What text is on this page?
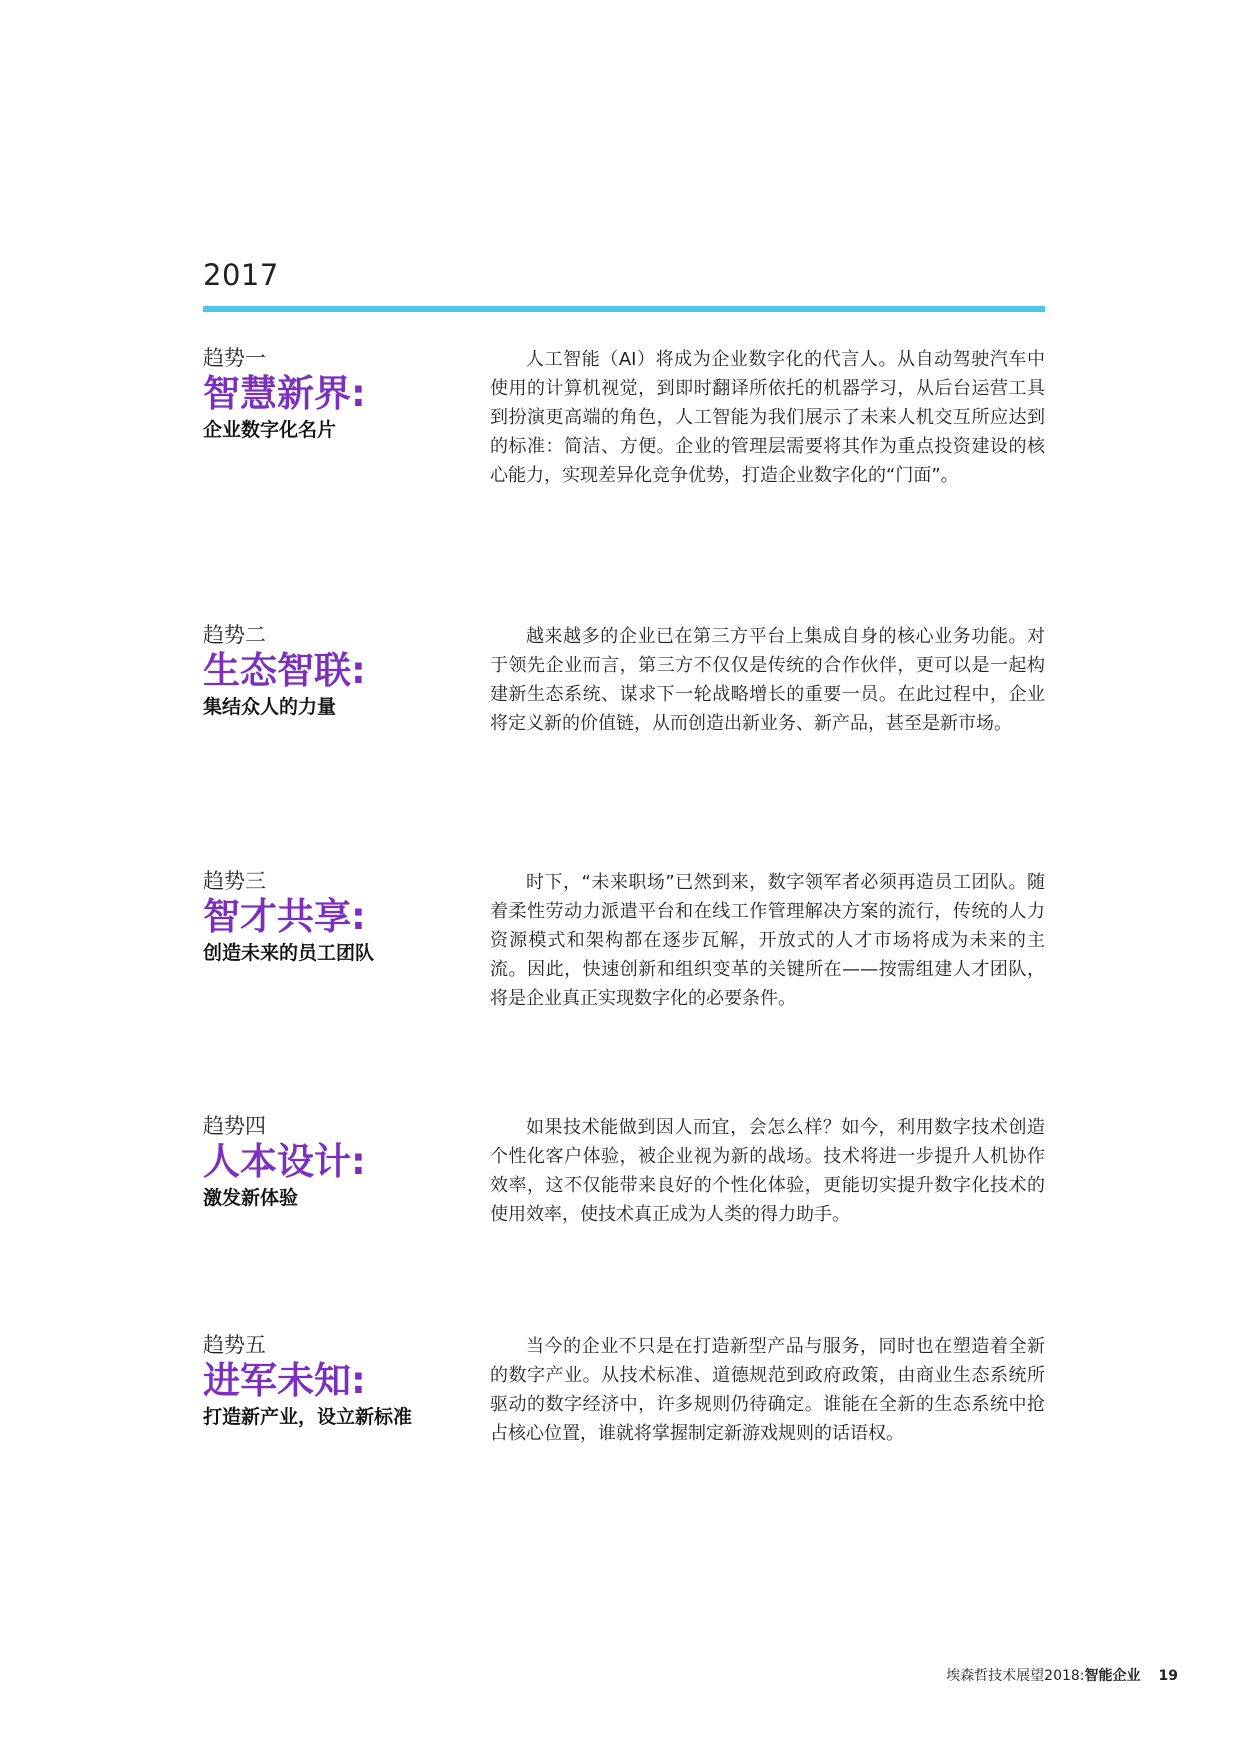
2017
趋势一
智慧新界:
企业数字化名片

人工智能（AI）将成为企业数字化的代言人。从自动驾驶汽车中使用的计算机视觉，到即时翻译所依托的机器学习，从后台运营工具到扮演更高端的角色，人工智能为我们展示了未来人机交互所应达到的标准：简洁、方便。企业的管理层需要将其作为重点投资建设的核心能力，实现差异化竞争优势，打造企业数字化的“门面”。

趋势二
生态智联:
集结众人的力量

越来越多的企业已在第三方平台上集成自身的核心业务功能。对于领先企业而言，第三方不仅仅是传统的合作伙伴，更可以是一起构建新生态系统、谋求下一轮战略增长的重要一员。在此过程中，企业将定义新的价值链，从而创造出新业务、新产品，甚至是新市场。

趋势三
智才共享:
创造未来的员工团队

时下，“未来职场”已然到来，数字领军者必须再造员工团队。随着柔性劳动力派遣平台和在线工作管理解决方案的流行，传统的人力资源模式和架构都在逐步瓦解，开放式的人才市场将成为未来的主流。因此，快速创新和组织变革的关键所在——按需组建人才团队，将是企业真正实现数字化的必要条件。

趋势四
人本设计:
激发新体验

如果技术能做到因人而宜，会怎么样？如今，利用数字技术创造个性化客户体验，被企业视为新的战场。技术将进一步提升人机协作效率，这不仅能带来良好的个性化体验，更能切实提升数字化技术的使用效率，使技术真正成为人类的得力助手。

趋势五
进军未知:
打造新产业，设立新标准

当今的企业不只是在打造新型产品与服务，同时也在塑造着全新的数字产业。从技术标准、道德规范到政府政策，由商业生态系统所驱动的数字经济中，许多规则仍待确定。谁能在全新的生态系统中抢占核心位置，谁就将掌握制定新游戏规则的话语权。

埃森哲技术展望2018:智能企业 19
